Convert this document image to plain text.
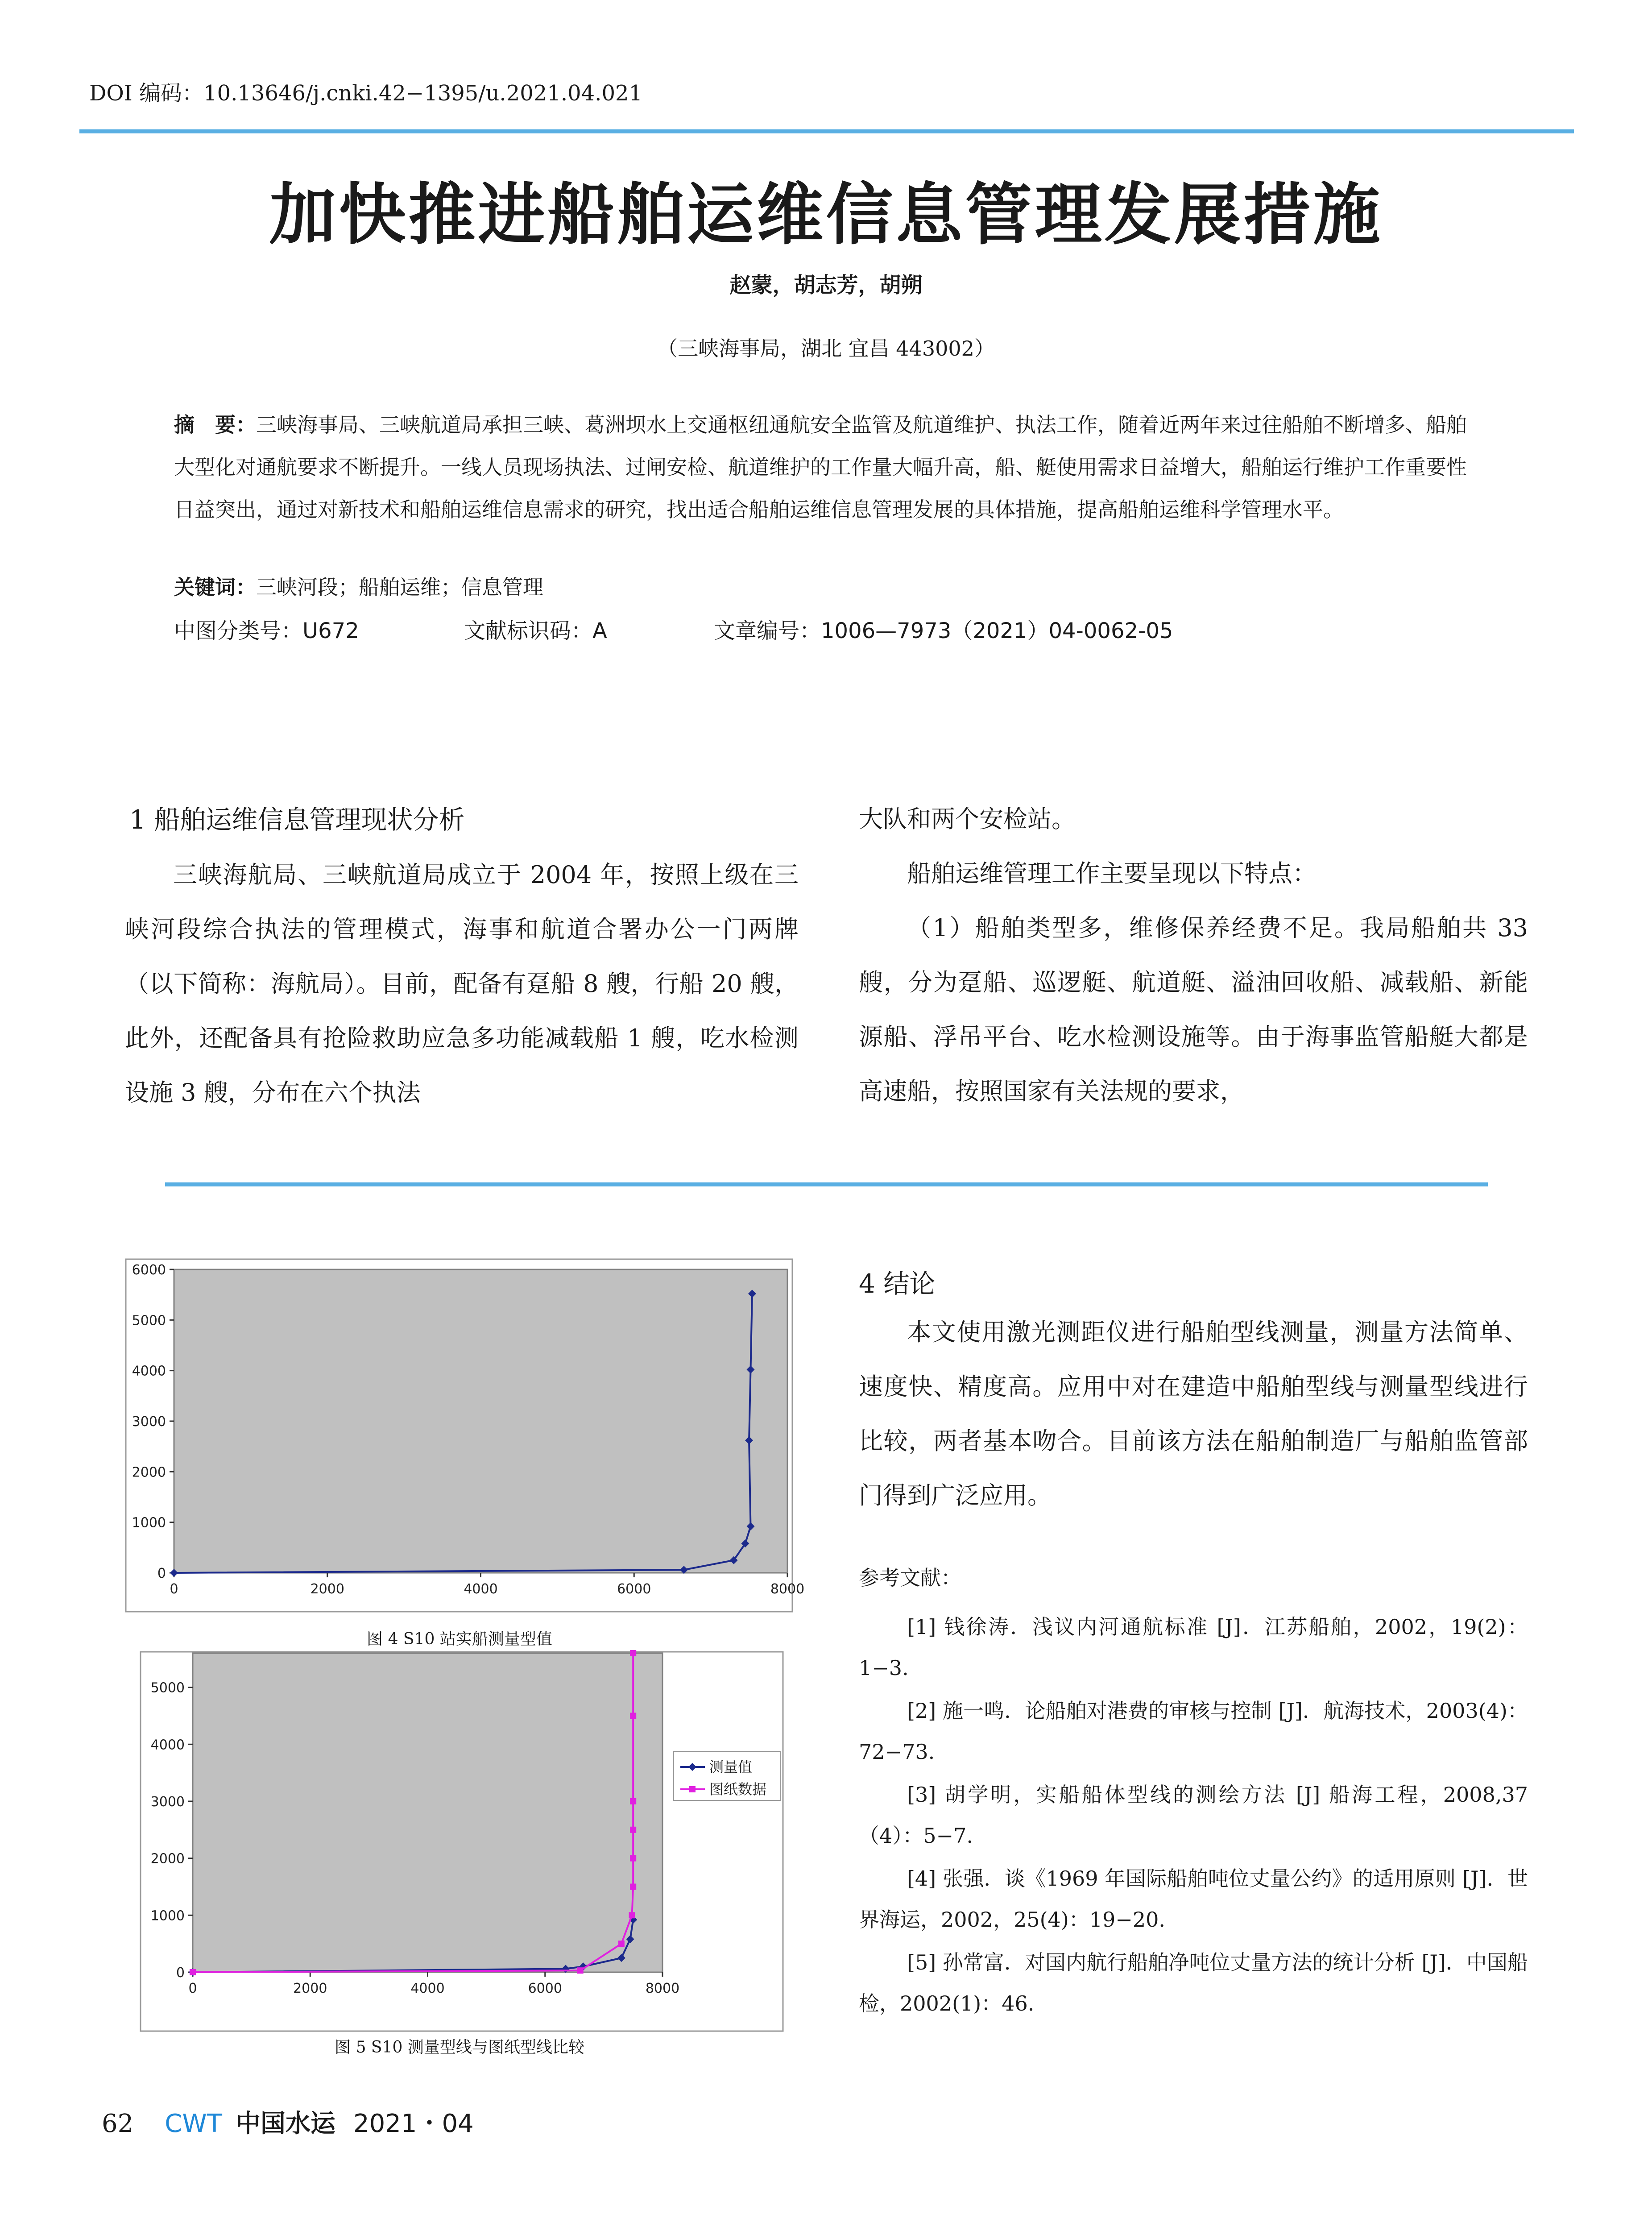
DOI 编码：10.13646/j.cnki.42−1395/u.2021.04.021
加快推进船舶运维信息管理发展措施
赵蒙，胡志芳，胡朔
（三峡海事局，湖北 宜昌 443002）
摘　要：三峡海事局、三峡航道局承担三峡、葛洲坝水上交通枢纽通航安全监管及航道维护、执法工作，随着近两年来过往船舶不断增多、船舶大型化对通航要求不断提升。一线人员现场执法、过闸安检、航道维护的工作量大幅升高，船、艇使用需求日益增大，船舶运行维护工作重要性日益突出，通过对新技术和船舶运维信息需求的研究，找出适合船舶运维信息管理发展的具体措施，提高船舶运维科学管理水平。
关键词：三峡河段；船舶运维；信息管理
中图分类号：U672	文献标识码：A	文章编号：1006—7973（2021）04-0062-05
1 船舶运维信息管理现状分析
三峡海航局、三峡航道局成立于 2004 年，按照上级在三峡河段综合执法的管理模式，海事和航道合署办公一门两牌（以下简称：海航局）。目前，配备有趸船 8 艘，行船 20 艘，此外，还配备具有抢险救助应急多功能减载船 1 艘，吃水检测设施 3 艘，分布在六个执法
大队和两个安检站。
船舶运维管理工作主要呈现以下特点：
（1）船舶类型多，维修保养经费不足。我局船舶共 33 艘，分为趸船、巡逻艇、航道艇、溢油回收船、减载船、新能源船、浮吊平台、吃水检测设施等。由于海事监管船艇大都是高速船，按照国家有关法规的要求，
0	2000	4000	6000	8000
0
1000
2000
3000
4000
5000
6000
图 4 S10 站实船测量型值
0	2000	4000	6000	8000
0
1000
2000
3000
4000
5000
测量值
图纸数据
图 5 S10 测量型线与图纸型线比较
4 结论
本文使用激光测距仪进行船舶型线测量，测量方法简单、速度快、精度高。应用中对在建造中船舶型线与测量型线进行比较，两者基本吻合。目前该方法在船舶制造厂与船舶监管部门得到广泛应用。
参考文献：
[1] 钱徐涛．浅议内河通航标准 [J]．江苏船舶，2002，19(2)：1−3.
[2] 施一鸣．论船舶对港费的审核与控制 [J]．航海技术，2003(4)：72−73.
[3] 胡学明，实船船体型线的测绘方法 [J] 船海工程，2008,37（4）：5−7.
[4] 张强．谈《1969 年国际船舶吨位丈量公约》的适用原则 [J]．世界海运，2002，25(4)：19−20.
[5] 孙常富．对国内航行船舶净吨位丈量方法的统计分析 [J]．中国船检，2002(1)：46.
62 CWT 中国水运 2021・04
